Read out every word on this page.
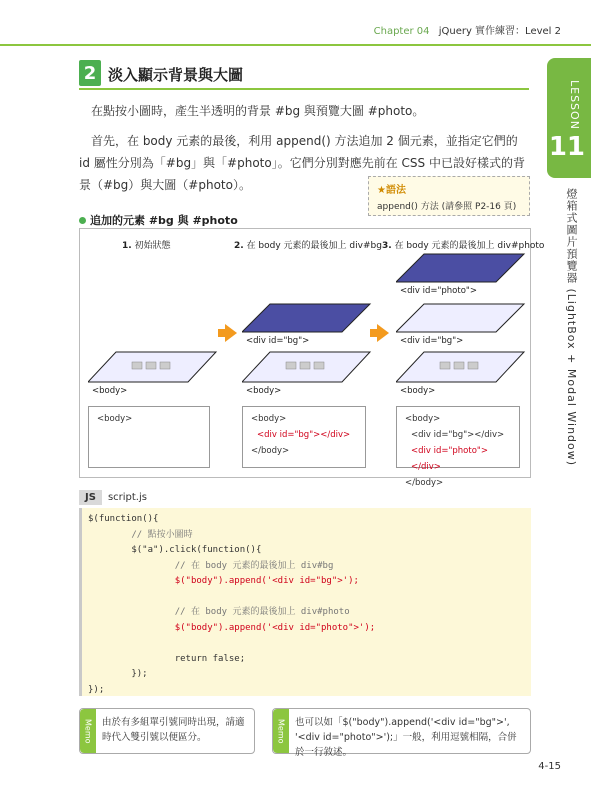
Chapter 04 jQuery 實作練習：Level 2
LESSON
11
燈箱式圖片預覽器 (LightBox + Modal Window)
2 淡入顯示背景與大圖
在點按小圖時，產生半透明的背景 #bg 與預覽大圖 #photo。
首先，在 body 元素的最後，利用 append() 方法追加 2 個元素，並指定它們的 id 屬性分別為「#bg」與「#photo」。它們分別對應先前在 CSS 中已設好樣式的背景（#bg）與大圖（#photo）。	★語法
append() 方法 (請參照 P2-16 頁)
追加的元素 #bg 與 #photo
1. 初始狀態	2. 在 body 元素的最後加上 div#bg 3. 在 body 元素的最後加上 div#photo
<body>
<div id="bg">
<body>
<div id="photo">
<div id="bg">
<body>
<body>	<body>
<div id="bg"></div>
</body>
<body>
<div id="bg"></div>
<div id="photo"></div>
</body>
JS	script.js
$(function(){
// 點按小圖時
$("a").click(function(){
// 在 body 元素的最後加上 div#bg
$("body").append('<div id="bg">');

// 在 body 元素的最後加上 div#photo
$("body").append('<div id="photo">');

return false;
});
});
Memo	由於有多組單引號同時出現，請適時代入雙引號以便區分。	Memo	也可以如「$("body").append('<div id="bg">', '<div id="photo">');」一般，利用逗號相隔，合併於一行敘述。
4-15
